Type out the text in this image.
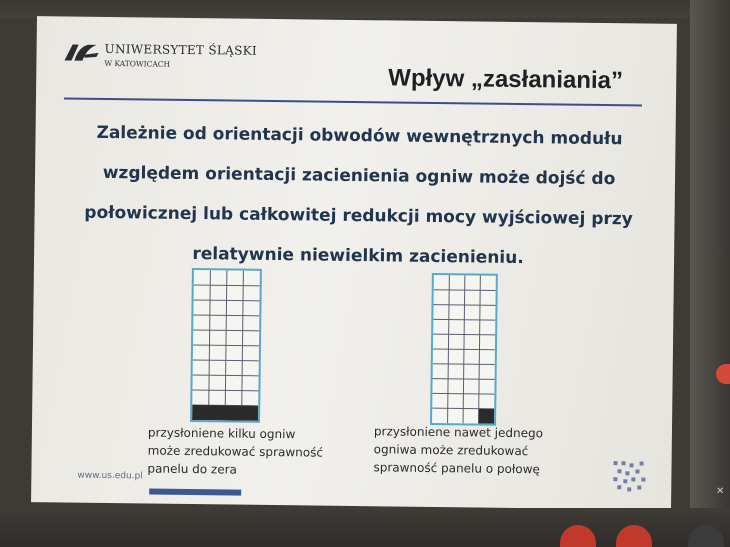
UNIWERSYTET ŚLĄSKI
W KATOWICACH
Wpływ „zasłaniania”
Zależnie od orientacji obwodów wewnętrznych modułu
względem orientacji zacienienia ogniw może dojść do
połowicznej lub całkowitej redukcji mocy wyjściowej przy
relatywnie niewielkim zacienieniu.
przysłoniene kilku ogniw
może zredukować sprawność
panelu do zera
przysłoniene nawet jednego
ogniwa może zredukować
sprawność panelu o połowę
www.us.edu.pl
✕
